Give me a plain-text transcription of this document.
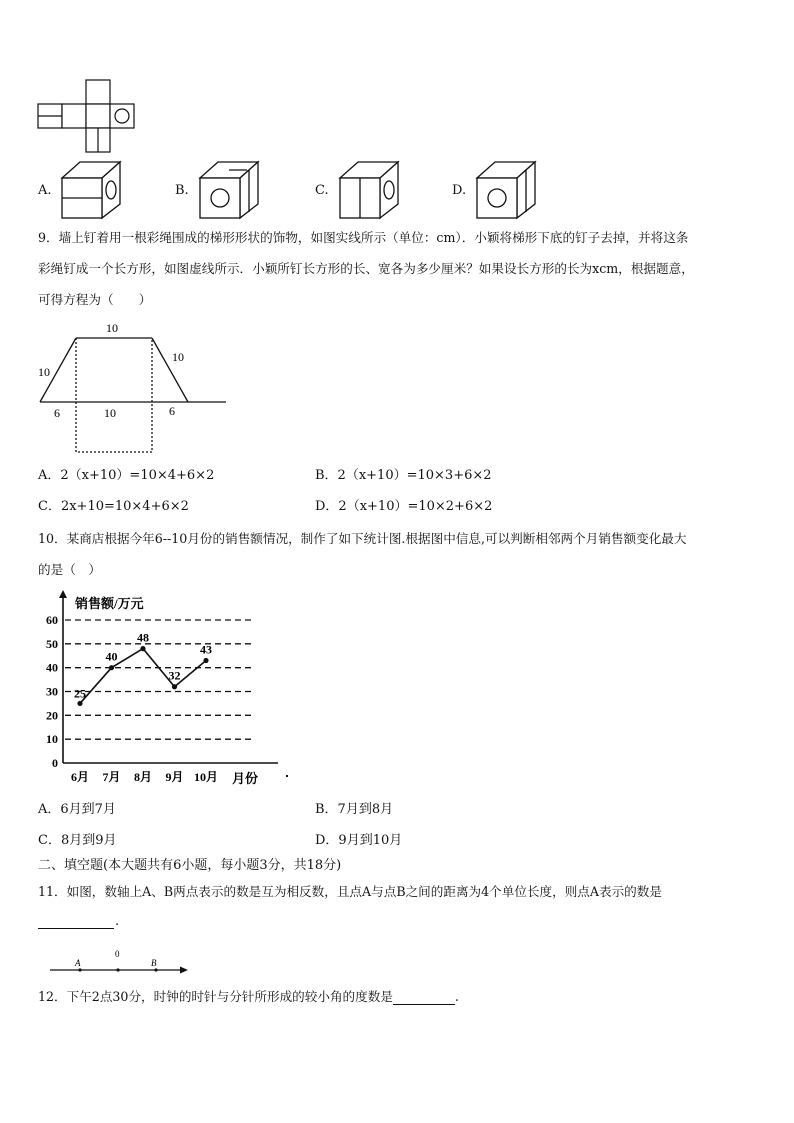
A.	B.	C.	D.
9．墙上钉着用一根彩绳围成的梯形形状的饰物，如图实线所示（单位：cm）．小颖将梯形下底的钉子去掉，并将这条
彩绳钉成一个长方形，如图虚线所示．小颖所钉长方形的长、宽各为多少厘米？如果设长方形的长为xcm，根据题意，
可得方程为（　　）
10
10
10
6	10	6
A．2（x+10）=10×4+6×2	B．2（x+10）=10×3+6×2
C．2x+10=10×4+6×2	D．2（x+10）=10×2+6×2
10．某商店根据今年6--10月份的销售额情况，制作了如下统计图.根据图中信息,可以判断相邻两个月销售额变化最大
的是（　）
销售额/万元
月份
0
10
20
30
40
50
60
6月 7月 8月 9月 10月
25
40
48
32
43
A．6月到7月	B．7月到8月
C．8月到9月	D．9月到10月
二、填空题(本大题共有6小题，每小题3分，共18分)
11．如图，数轴上A、B两点表示的数是互为相反数，且点A与点B之间的距离为4个单位长度，则点A表示的数是
.
A
0
B
12．下午2点30分，时钟的时针与分针所形成的较小角的度数是	.
